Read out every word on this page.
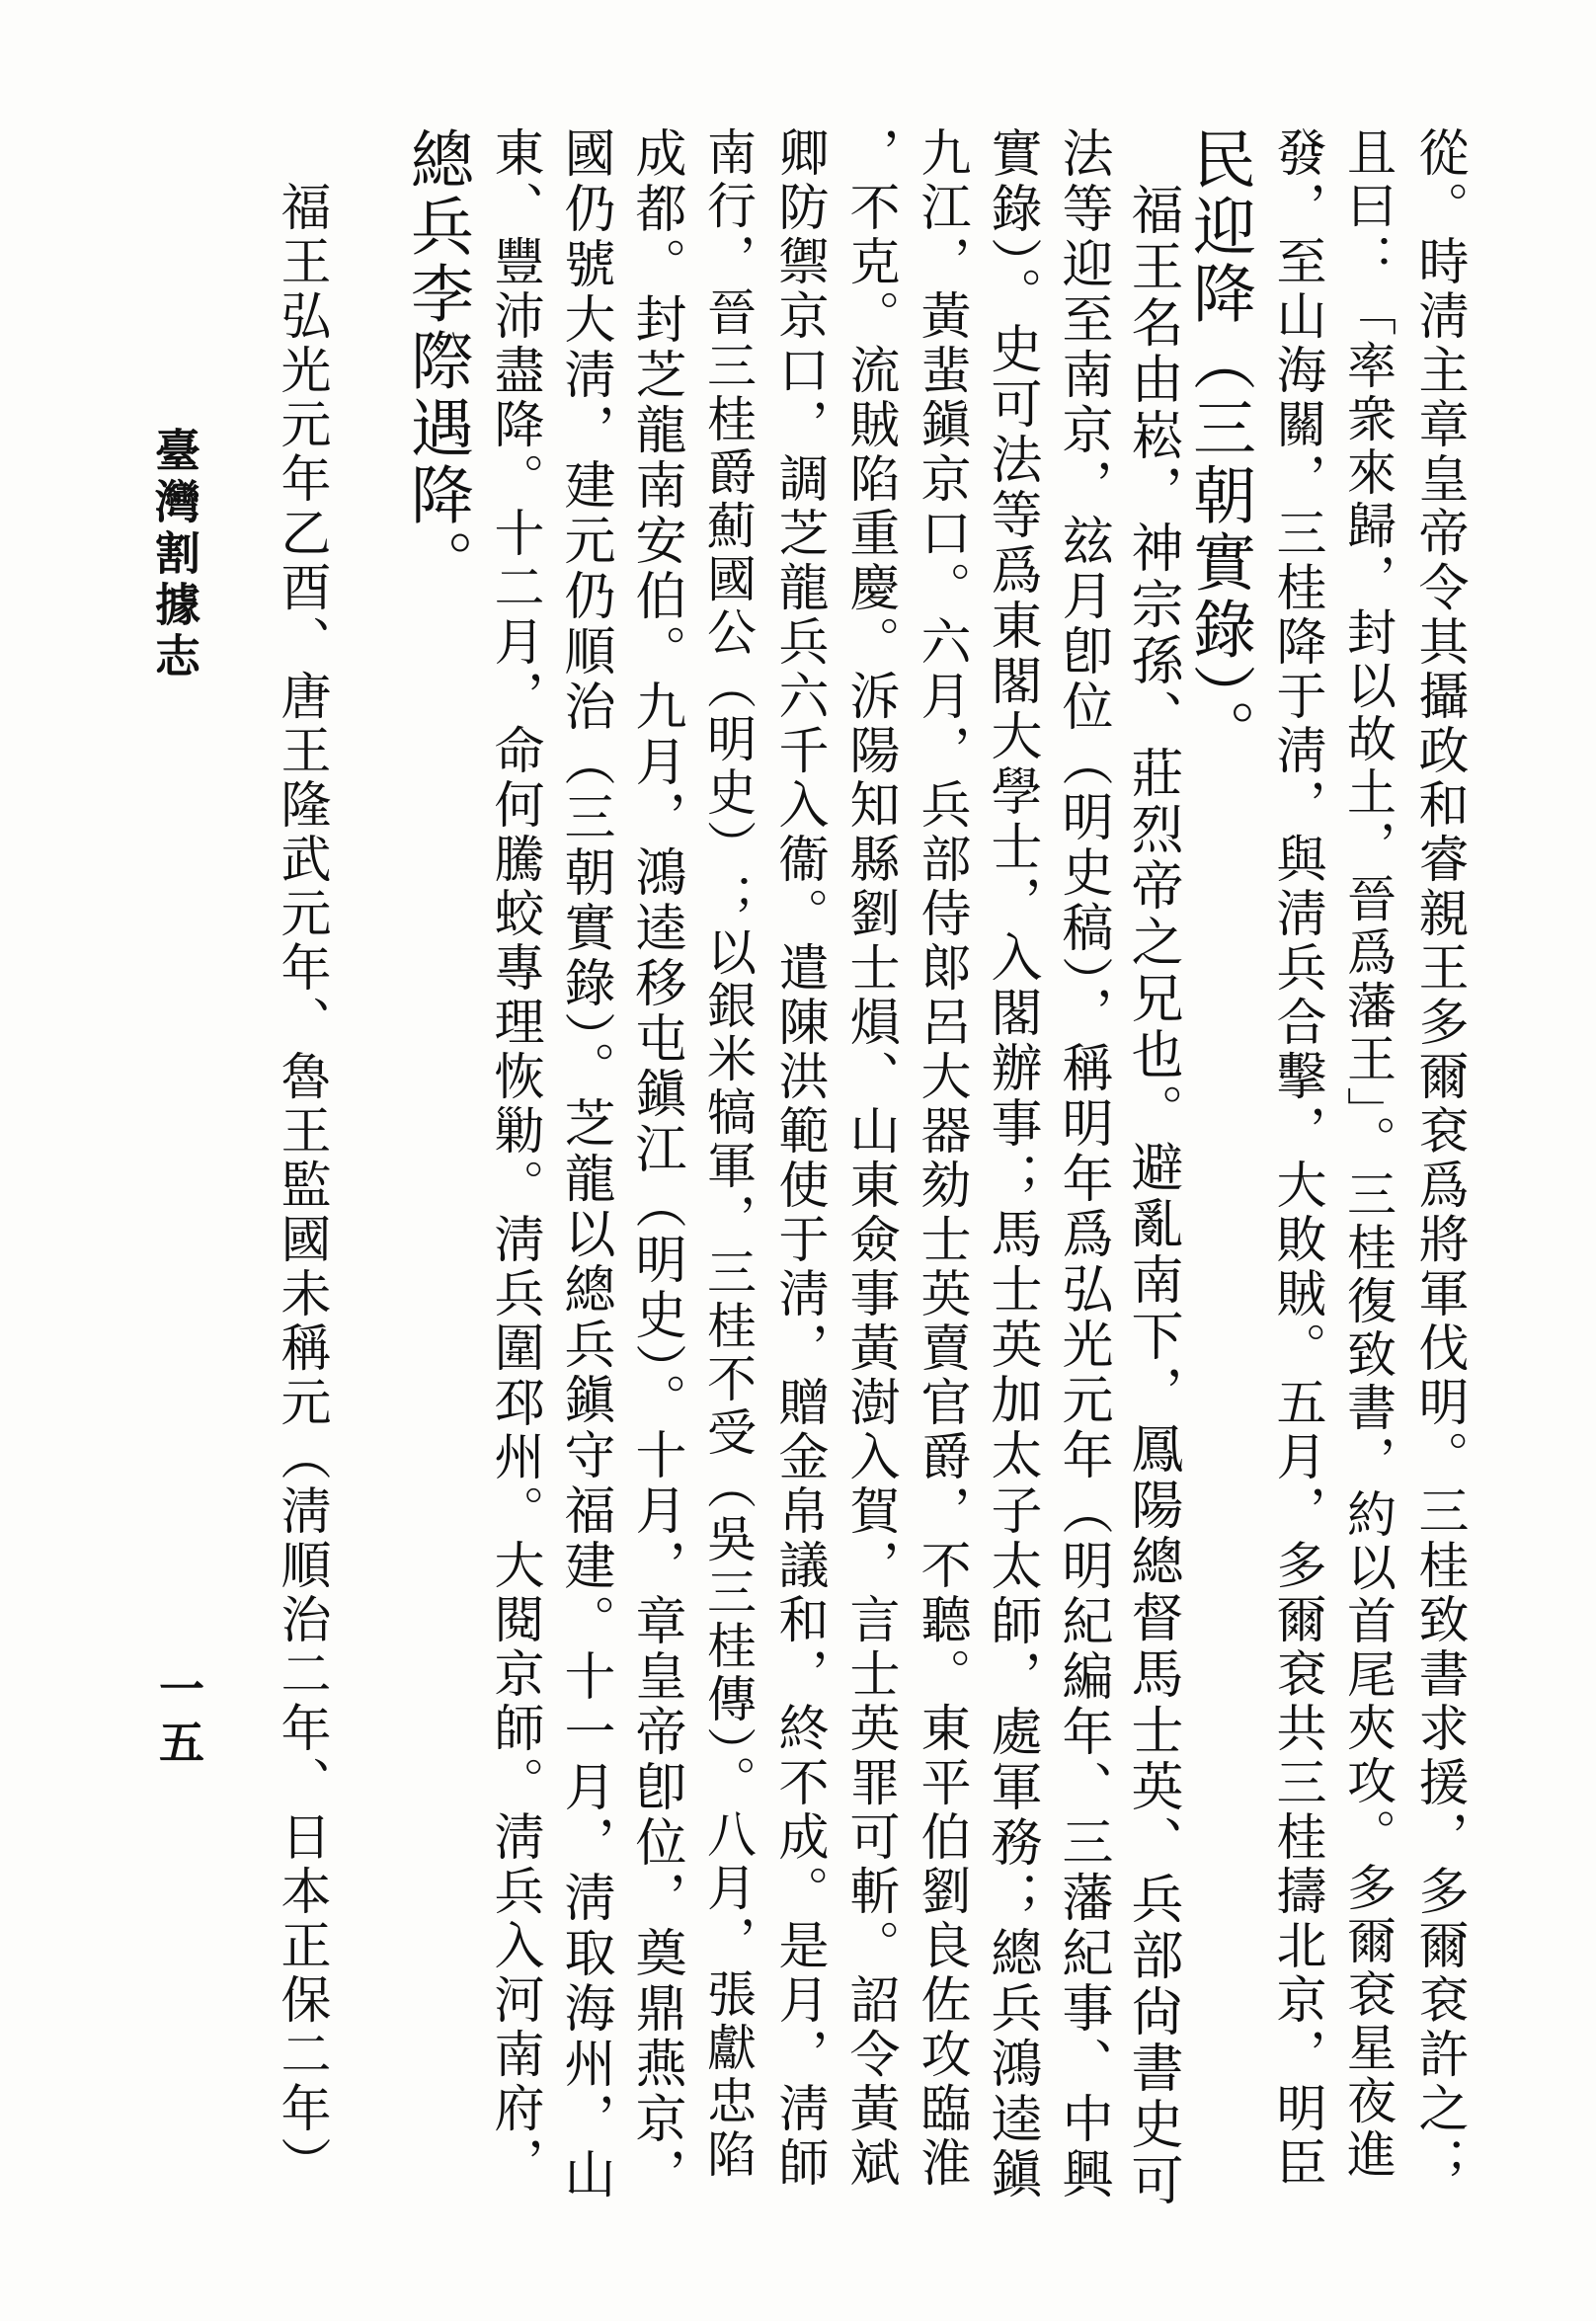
從。時淸主章皇帝令其攝政和睿親王多爾袞爲將軍伐明。三桂致書求援，多爾袞許之；
且曰：「率衆來歸，封以故土，晉爲藩王」。三桂復致書，約以首尾夾攻。多爾袞星夜進
發，至山海關，三桂降于淸，與淸兵合擊，大敗賊。五月，多爾袞共三桂擣北京，明臣
民迎降（三朝實錄）。
　福王名由崧，神宗孫、莊烈帝之兄也。避亂南下，鳳陽總督馬士英、兵部尙書史可
法等迎至南京，玆月卽位（明史稿），稱明年爲弘光元年（明紀編年、三藩紀事、中興
實錄）。史可法等爲東閣大學士，入閣辦事；馬士英加太子太師，處軍務；總兵鴻逵鎭
九江，黃蜚鎭京口。六月，兵部侍郞呂大器劾士英賣官爵，不聽。東平伯劉良佐攻臨淮
，不克。流賊陷重慶。泝陽知縣劉士熉、山東僉事黃澍入賀，言士英罪可斬。詔令黃斌
卿防禦京口，調芝龍兵六千入衞。遣陳洪範使于淸，贈金帛議和，終不成。是月，淸師
南行，晉三桂爵薊國公（明史）；以銀米犒軍，三桂不受（吳三桂傳）。八月，張獻忠陷
成都。封芝龍南安伯。九月，鴻逵移屯鎭江（明史）。十月，章皇帝卽位，奠鼎燕京，
國仍號大淸，建元仍順治（三朝實錄）。芝龍以總兵鎭守福建。十一月，淸取海州，山
東、豐沛盡降。十二月，命何騰蛟專理恢勦。淸兵圍邳州。大閱京師。淸兵入河南府，
總兵李際遇降。
　福王弘光元年乙酉、唐王隆武元年、魯王監國未稱元（淸順治二年、日本正保二年）
臺灣割據志
一五
